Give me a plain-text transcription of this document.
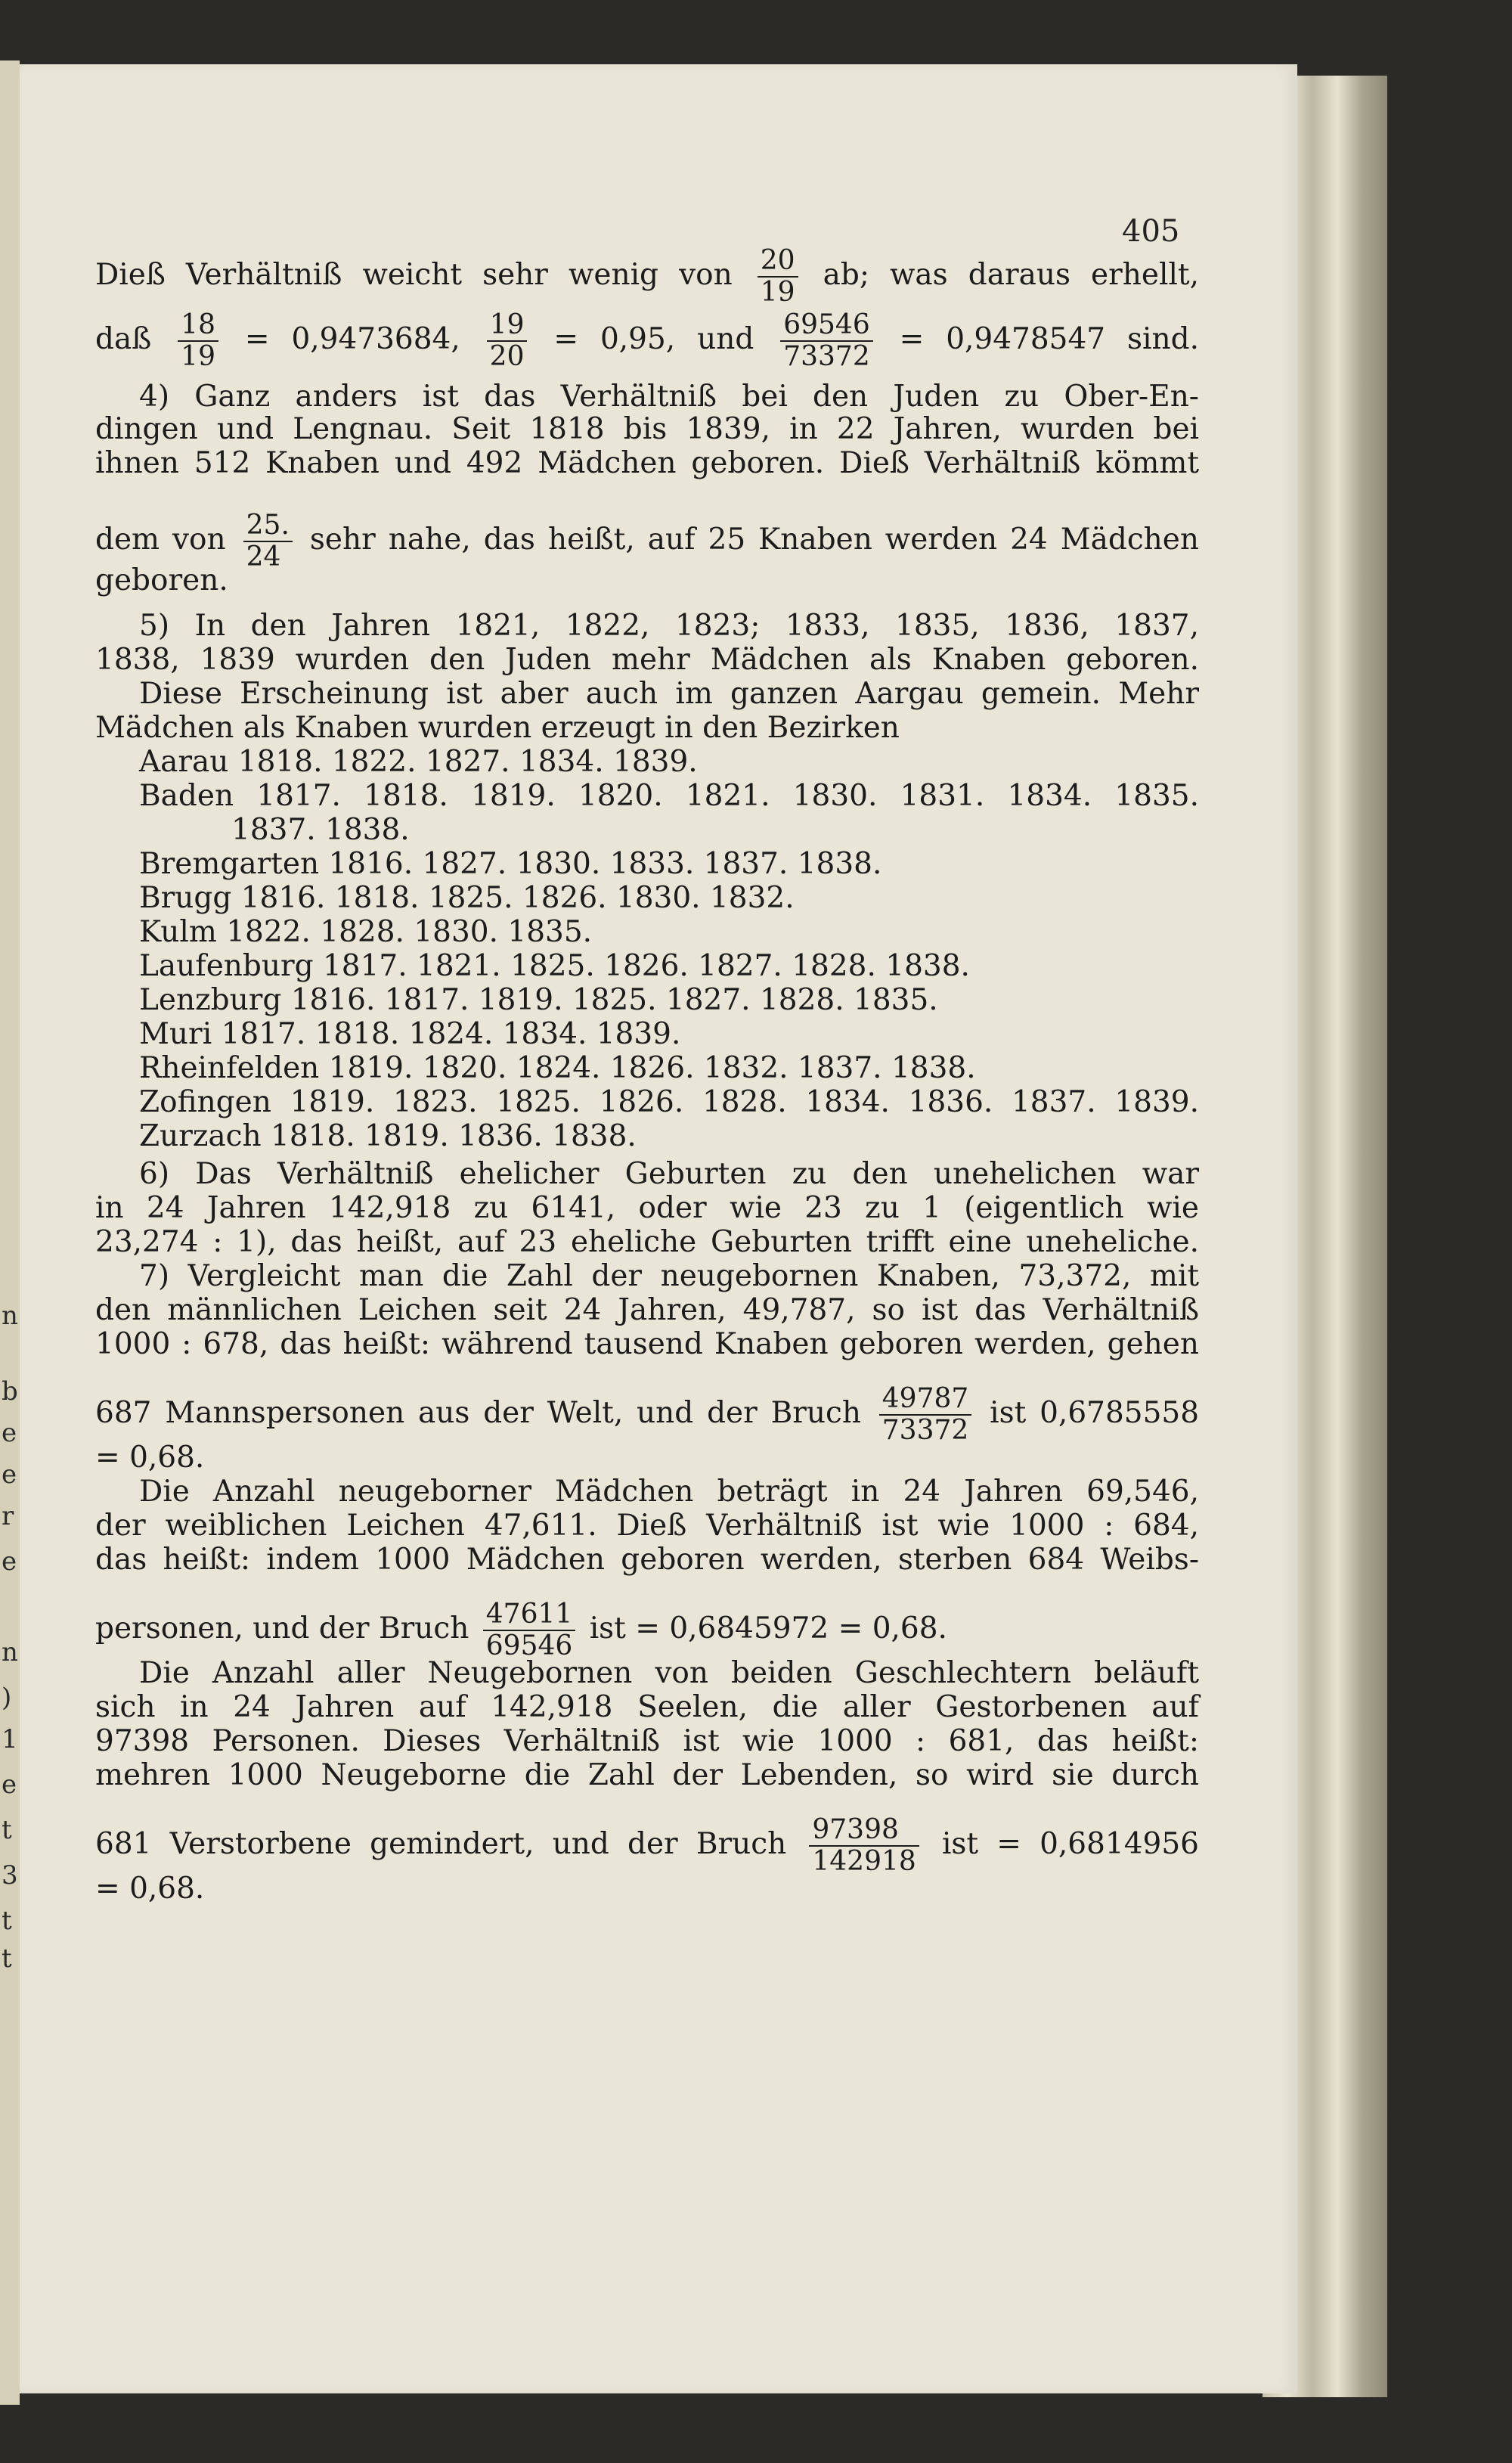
n
b
e
e
r
e
n
)
1
e
t
3
t
t
405
Dieß Verhältniß weicht sehr wenig von $\frac{20}{19}$ ab; was daraus erhellt,
daß $\frac{18}{19} = 0,9473684$, $\frac{19}{20} = 0,95$, und $\frac{69546}{73372} = 0,9478547$ sind.
4) Ganz anders ist das Verhältniß bei den Juden zu Ober-En-
dingen und Lengnau. Seit 1818 bis 1839, in 22 Jahren, wurden bei
ihnen 512 Knaben und 492 Mädchen geboren. Dieß Verhältniß kömmt
dem von $\frac{25.}{24}$ sehr nahe, das heißt, auf 25 Knaben werden 24 Mädchen
geboren.
5) In den Jahren 1821, 1822, 1823; 1833, 1835, 1836, 1837,
1838, 1839 wurden den Juden mehr Mädchen als Knaben geboren.
Diese Erscheinung ist aber auch im ganzen Aargau gemein. Mehr
Mädchen als Knaben wurden erzeugt in den Bezirken
Aarau 1818. 1822. 1827. 1834. 1839.
Baden 1817. 1818. 1819. 1820. 1821. 1830. 1831. 1834. 1835.
1837. 1838.
Bremgarten 1816. 1827. 1830. 1833. 1837. 1838.
Brugg 1816. 1818. 1825. 1826. 1830. 1832.
Kulm 1822. 1828. 1830. 1835.
Laufenburg 1817. 1821. 1825. 1826. 1827. 1828. 1838.
Lenzburg 1816. 1817. 1819. 1825. 1827. 1828. 1835.
Muri 1817. 1818. 1824. 1834. 1839.
Rheinfelden 1819. 1820. 1824. 1826. 1832. 1837. 1838.
Zofingen 1819. 1823. 1825. 1826. 1828. 1834. 1836. 1837. 1839.
Zurzach 1818. 1819. 1836. 1838.
6) Das Verhältniß ehelicher Geburten zu den unehelichen war
in 24 Jahren 142,918 zu 6141, oder wie 23 zu 1 (eigentlich wie
23,274 : 1), das heißt, auf 23 eheliche Geburten trifft eine uneheliche.
7) Vergleicht man die Zahl der neugebornen Knaben, 73,372, mit
den männlichen Leichen seit 24 Jahren, 49,787, so ist das Verhältniß
1000 : 678, das heißt: während tausend Knaben geboren werden, gehen
687 Mannspersonen aus der Welt, und der Bruch $\frac{49787}{73372}$ ist 0,6785558
= 0,68.
Die Anzahl neugeborner Mädchen beträgt in 24 Jahren 69,546,
der weiblichen Leichen 47,611. Dieß Verhältniß ist wie 1000 : 684,
das heißt: indem 1000 Mädchen geboren werden, sterben 684 Weibs-
personen, und der Bruch $\frac{47611}{69546}$ ist = 0,6845972 = 0,68.
Die Anzahl aller Neugebornen von beiden Geschlechtern beläuft
sich in 24 Jahren auf 142,918 Seelen, die aller Gestorbenen auf
97398 Personen. Dieses Verhältniß ist wie 1000 : 681, das heißt:
mehren 1000 Neugeborne die Zahl der Lebenden, so wird sie durch
681 Verstorbene gemindert, und der Bruch $\frac{97398}{142918}$ ist = 0,6814956
= 0,68.
